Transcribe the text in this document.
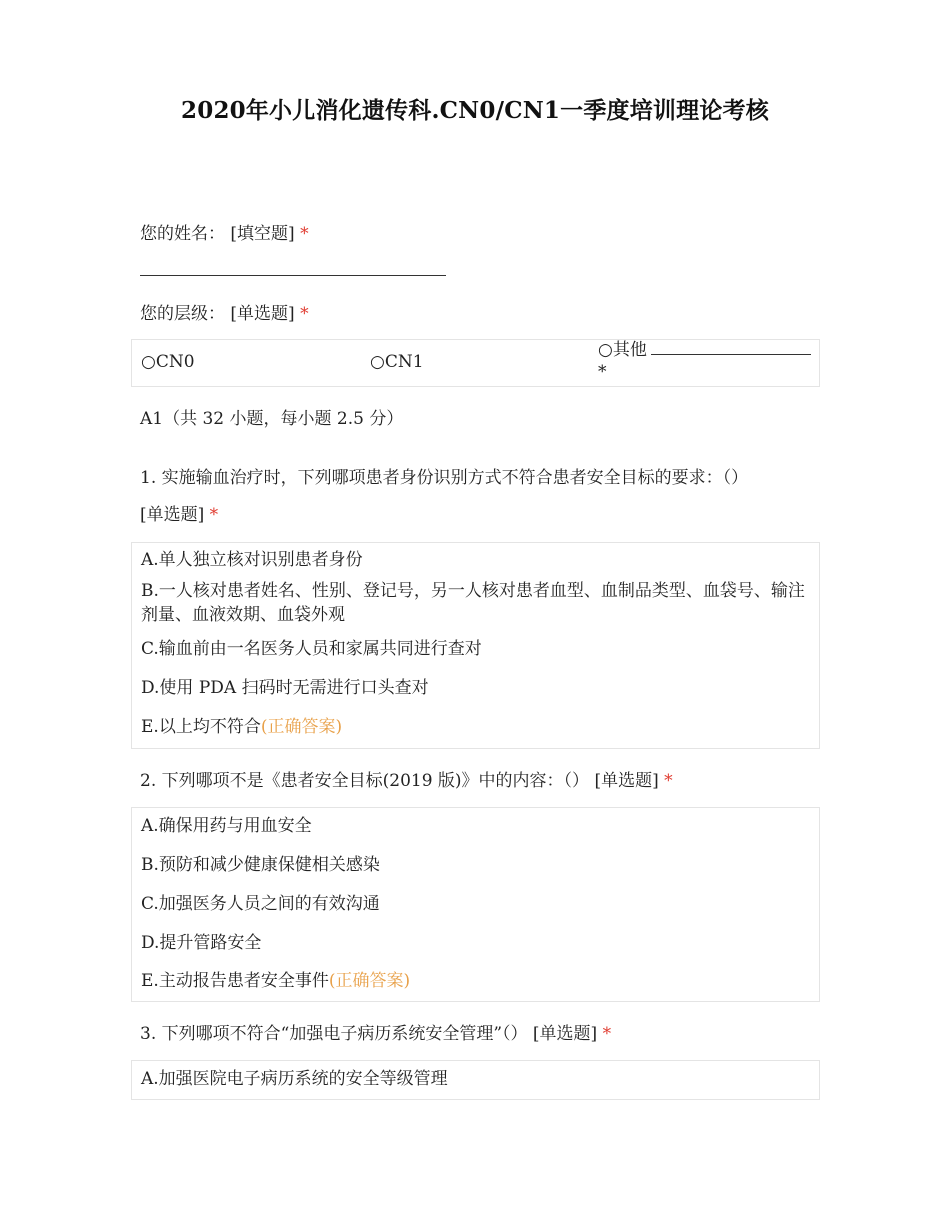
2020年小儿消化遗传科.CN0/CN1一季度培训理论考核
您的姓名： [填空题] *
您的层级： [单选题] *
○CN0	○CN1
○其他
*
A1（共 32 小题，每小题 2.5 分）
1. 实施输血治疗时，下列哪项患者身份识别方式不符合患者安全目标的要求：（）
[单选题] *
A.单人独立核对识别患者身份
B.一人核对患者姓名、性别、登记号，另一人核对患者血型、血制品类型、血袋号、输注剂量、血液效期、血袋外观
C.输血前由一名医务人员和家属共同进行查对
D.使用 PDA 扫码时无需进行口头查对
E.以上均不符合(正确答案)
2. 下列哪项不是《患者安全目标(2019 版)》中的内容：（） [单选题] *
A.确保用药与用血安全
B.预防和减少健康保健相关感染
C.加强医务人员之间的有效沟通
D.提升管路安全
E.主动报告患者安全事件(正确答案)
3. 下列哪项不符合“加强电子病历系统安全管理”（） [单选题] *
A.加强医院电子病历系统的安全等级管理
